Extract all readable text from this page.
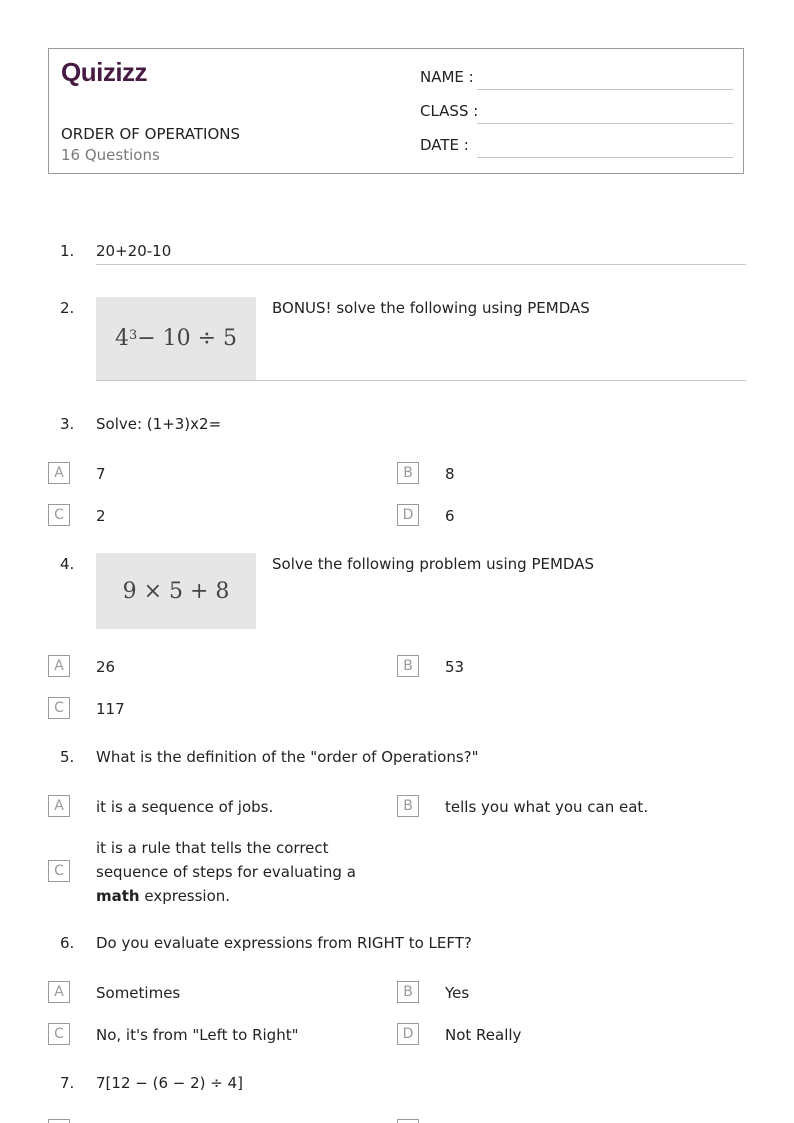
Quizizz
ORDER OF OPERATIONS
16 Questions
NAME :
CLASS :
DATE :
1. 20+20-10
2.
$4^3 - 10 \div 5$
BONUS! solve the following using PEMDAS
3. Solve: (1+3)x2=
A	7	B	8
C	2	D	6
4.
9 × 5 + 8
Solve the following problem using PEMDAS
A	26	B	53
C	117
5. What is the definition of the "order of Operations?"
A	it is a sequence of jobs.	B	tells you what you can eat.
C
it is a rule that tells the correct sequence of steps for evaluating a math expression.
6. Do you evaluate expressions from RIGHT to LEFT?
A	Sometimes	B	Yes
C	No, it's from "Left to Right"	D	Not Really
7. 7[12 − (6 − 2) ÷ 4]
